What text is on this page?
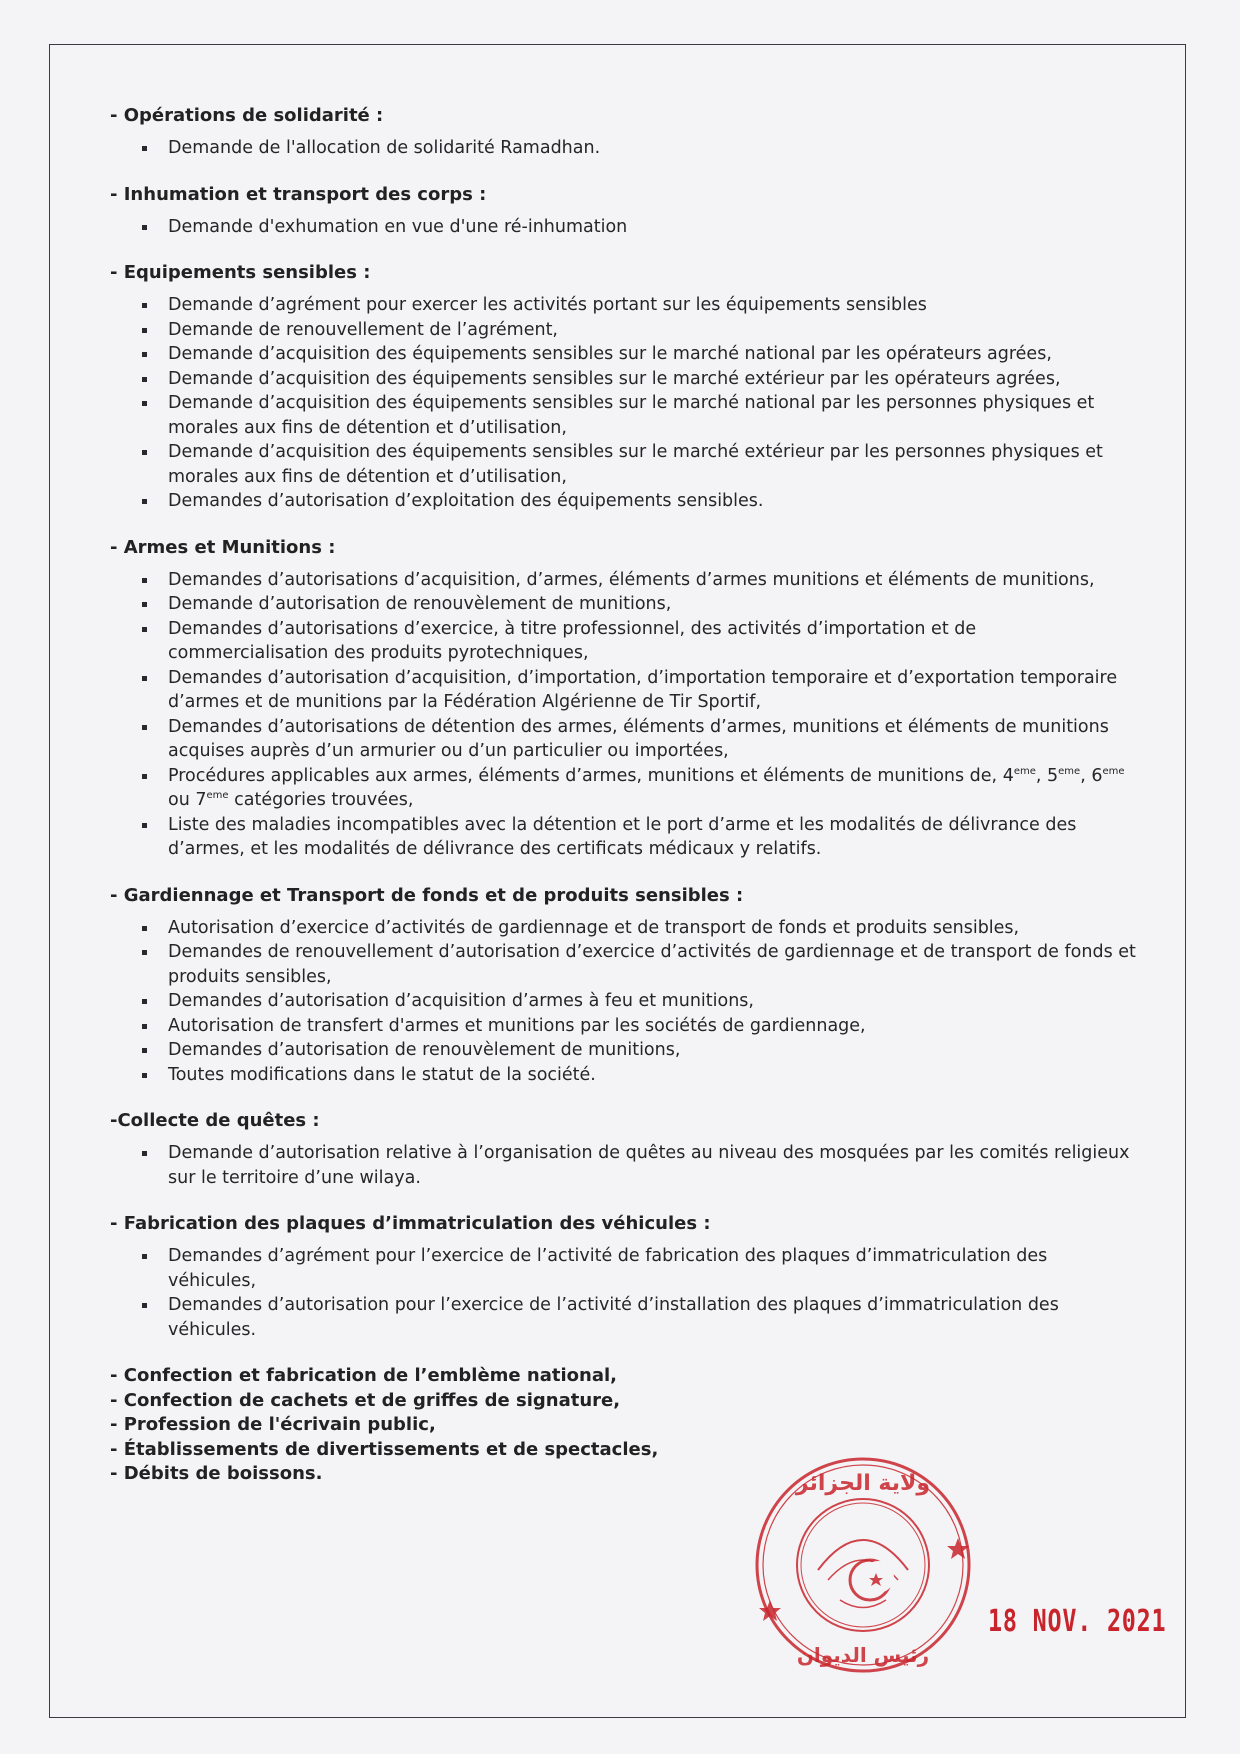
- Opérations de solidarité :
Demande de l'allocation de solidarité Ramadhan.
- Inhumation et transport des corps :
Demande d'exhumation en vue d'une ré-inhumation
- Equipements sensibles :
Demande d’agrément pour exercer les activités portant sur les équipements sensibles
Demande de renouvellement de l’agrément,
Demande d’acquisition des équipements sensibles sur le marché national par les opérateurs agrées,
Demande d’acquisition des équipements sensibles sur le marché extérieur par les opérateurs agrées,
Demande d’acquisition des équipements sensibles sur le marché national par les personnes physiques et morales aux fins de détention et d’utilisation,
Demande d’acquisition des équipements sensibles sur le marché extérieur par les personnes physiques et morales aux fins de détention et d’utilisation,
Demandes d’autorisation d’exploitation des équipements sensibles.
- Armes et Munitions :
Demandes d’autorisations d’acquisition, d’armes, éléments d’armes munitions et éléments de munitions,
Demande d’autorisation de renouvèlement de munitions,
Demandes d’autorisations d’exercice, à titre professionnel, des activités d’importation et de commercialisation des produits pyrotechniques,
Demandes d’autorisation d’acquisition, d’importation, d’importation temporaire et d’exportation temporaire d’armes et de munitions par la Fédération Algérienne de Tir Sportif,
Demandes d’autorisations de détention des armes, éléments d’armes, munitions et éléments de munitions acquises auprès d’un armurier ou d’un particulier ou importées,
Procédures applicables aux armes, éléments d’armes, munitions et éléments de munitions de, 4eme, 5eme, 6eme ou 7eme catégories trouvées,
Liste des maladies incompatibles avec la détention et le port d’arme et les modalités de délivrance des d’armes, et les modalités de délivrance des certificats médicaux y relatifs.
- Gardiennage et Transport de fonds et de produits sensibles :
Autorisation d’exercice d’activités de gardiennage et de transport de fonds et produits sensibles,
Demandes de renouvellement d’autorisation d’exercice d’activités de gardiennage et de transport de fonds et produits sensibles,
Demandes d’autorisation d’acquisition d’armes à feu et munitions,
Autorisation de transfert d'armes et munitions par les sociétés de gardiennage,
Demandes d’autorisation de renouvèlement de munitions,
Toutes modifications dans le statut de la société.
-Collecte de quêtes :
Demande d’autorisation relative à l’organisation de quêtes au niveau des mosquées par les comités religieux sur le territoire d’une wilaya.
- Fabrication des plaques d’immatriculation des véhicules :
Demandes d’agrément pour l’exercice de l’activité de fabrication des plaques d’immatriculation des véhicules,
Demandes d’autorisation pour l’exercice de l’activité d’installation des plaques d’immatriculation des véhicules.
- Confection et fabrication de l’emblème national,
- Confection de cachets et de griffes de signature,
- Profession de l'écrivain public,
- Établissements de divertissements et de spectacles,
- Débits de boissons.	ولاية الجزائر
رئيس الديوان
18 NOV. 2021
